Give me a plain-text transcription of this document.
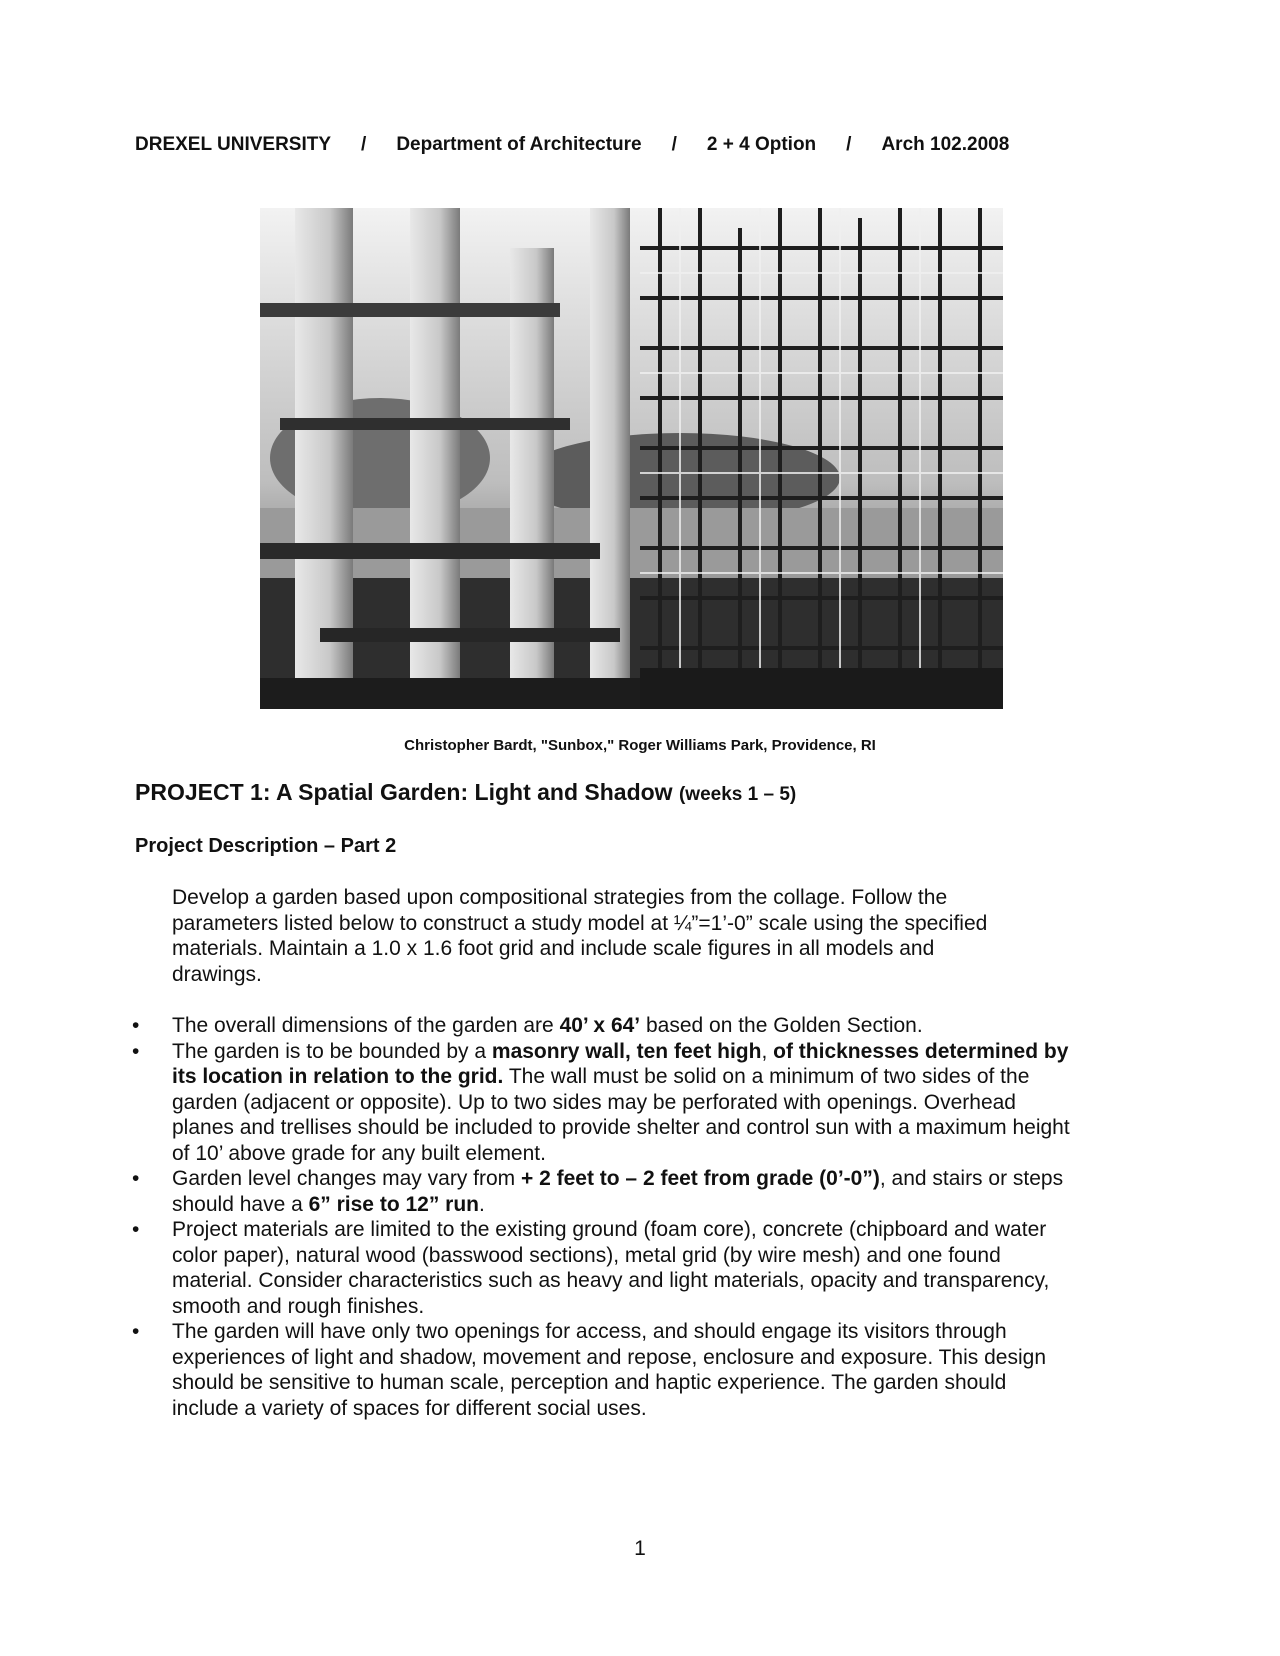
DREXEL UNIVERSITY / Department of Architecture / 2 + 4 Option / Arch 102.2008
Christopher Bardt, "Sunbox," Roger Williams Park, Providence, RI
PROJECT 1: A Spatial Garden: Light and Shadow (weeks 1 – 5)
Project Description – Part 2

Develop a garden based upon compositional strategies from the collage. Follow the

parameters listed below to construct a study model at ¼”=1’-0” scale using the specified

materials. Maintain a 1.0 x 1.6 foot grid and include scale figures in all models and

drawings.

• The overall dimensions of the garden are 40’ x 64’ based on the Golden Section.
• The garden is to be bounded by a masonry wall, ten feet high, of thicknesses determined by its location in relation to the grid. The wall must be solid on a minimum of two sides of the garden (adjacent or opposite). Up to two sides may be perforated with openings. Overhead planes and trellises should be included to provide shelter and control sun with a maximum height of 10’ above grade for any built element.
• Garden level changes may vary from + 2 feet to – 2 feet from grade (0’-0”), and stairs or steps should have a 6” rise to 12” run.
• Project materials are limited to the existing ground (foam core), concrete (chipboard and water color paper), natural wood (basswood sections), metal grid (by wire mesh) and one found material. Consider characteristics such as heavy and light materials, opacity and transparency, smooth and rough finishes.
• The garden will have only two openings for access, and should engage its visitors through experiences of light and shadow, movement and repose, enclosure and exposure. This design should be sensitive to human scale, perception and haptic experience. The garden should include a variety of spaces for different social uses.
1
